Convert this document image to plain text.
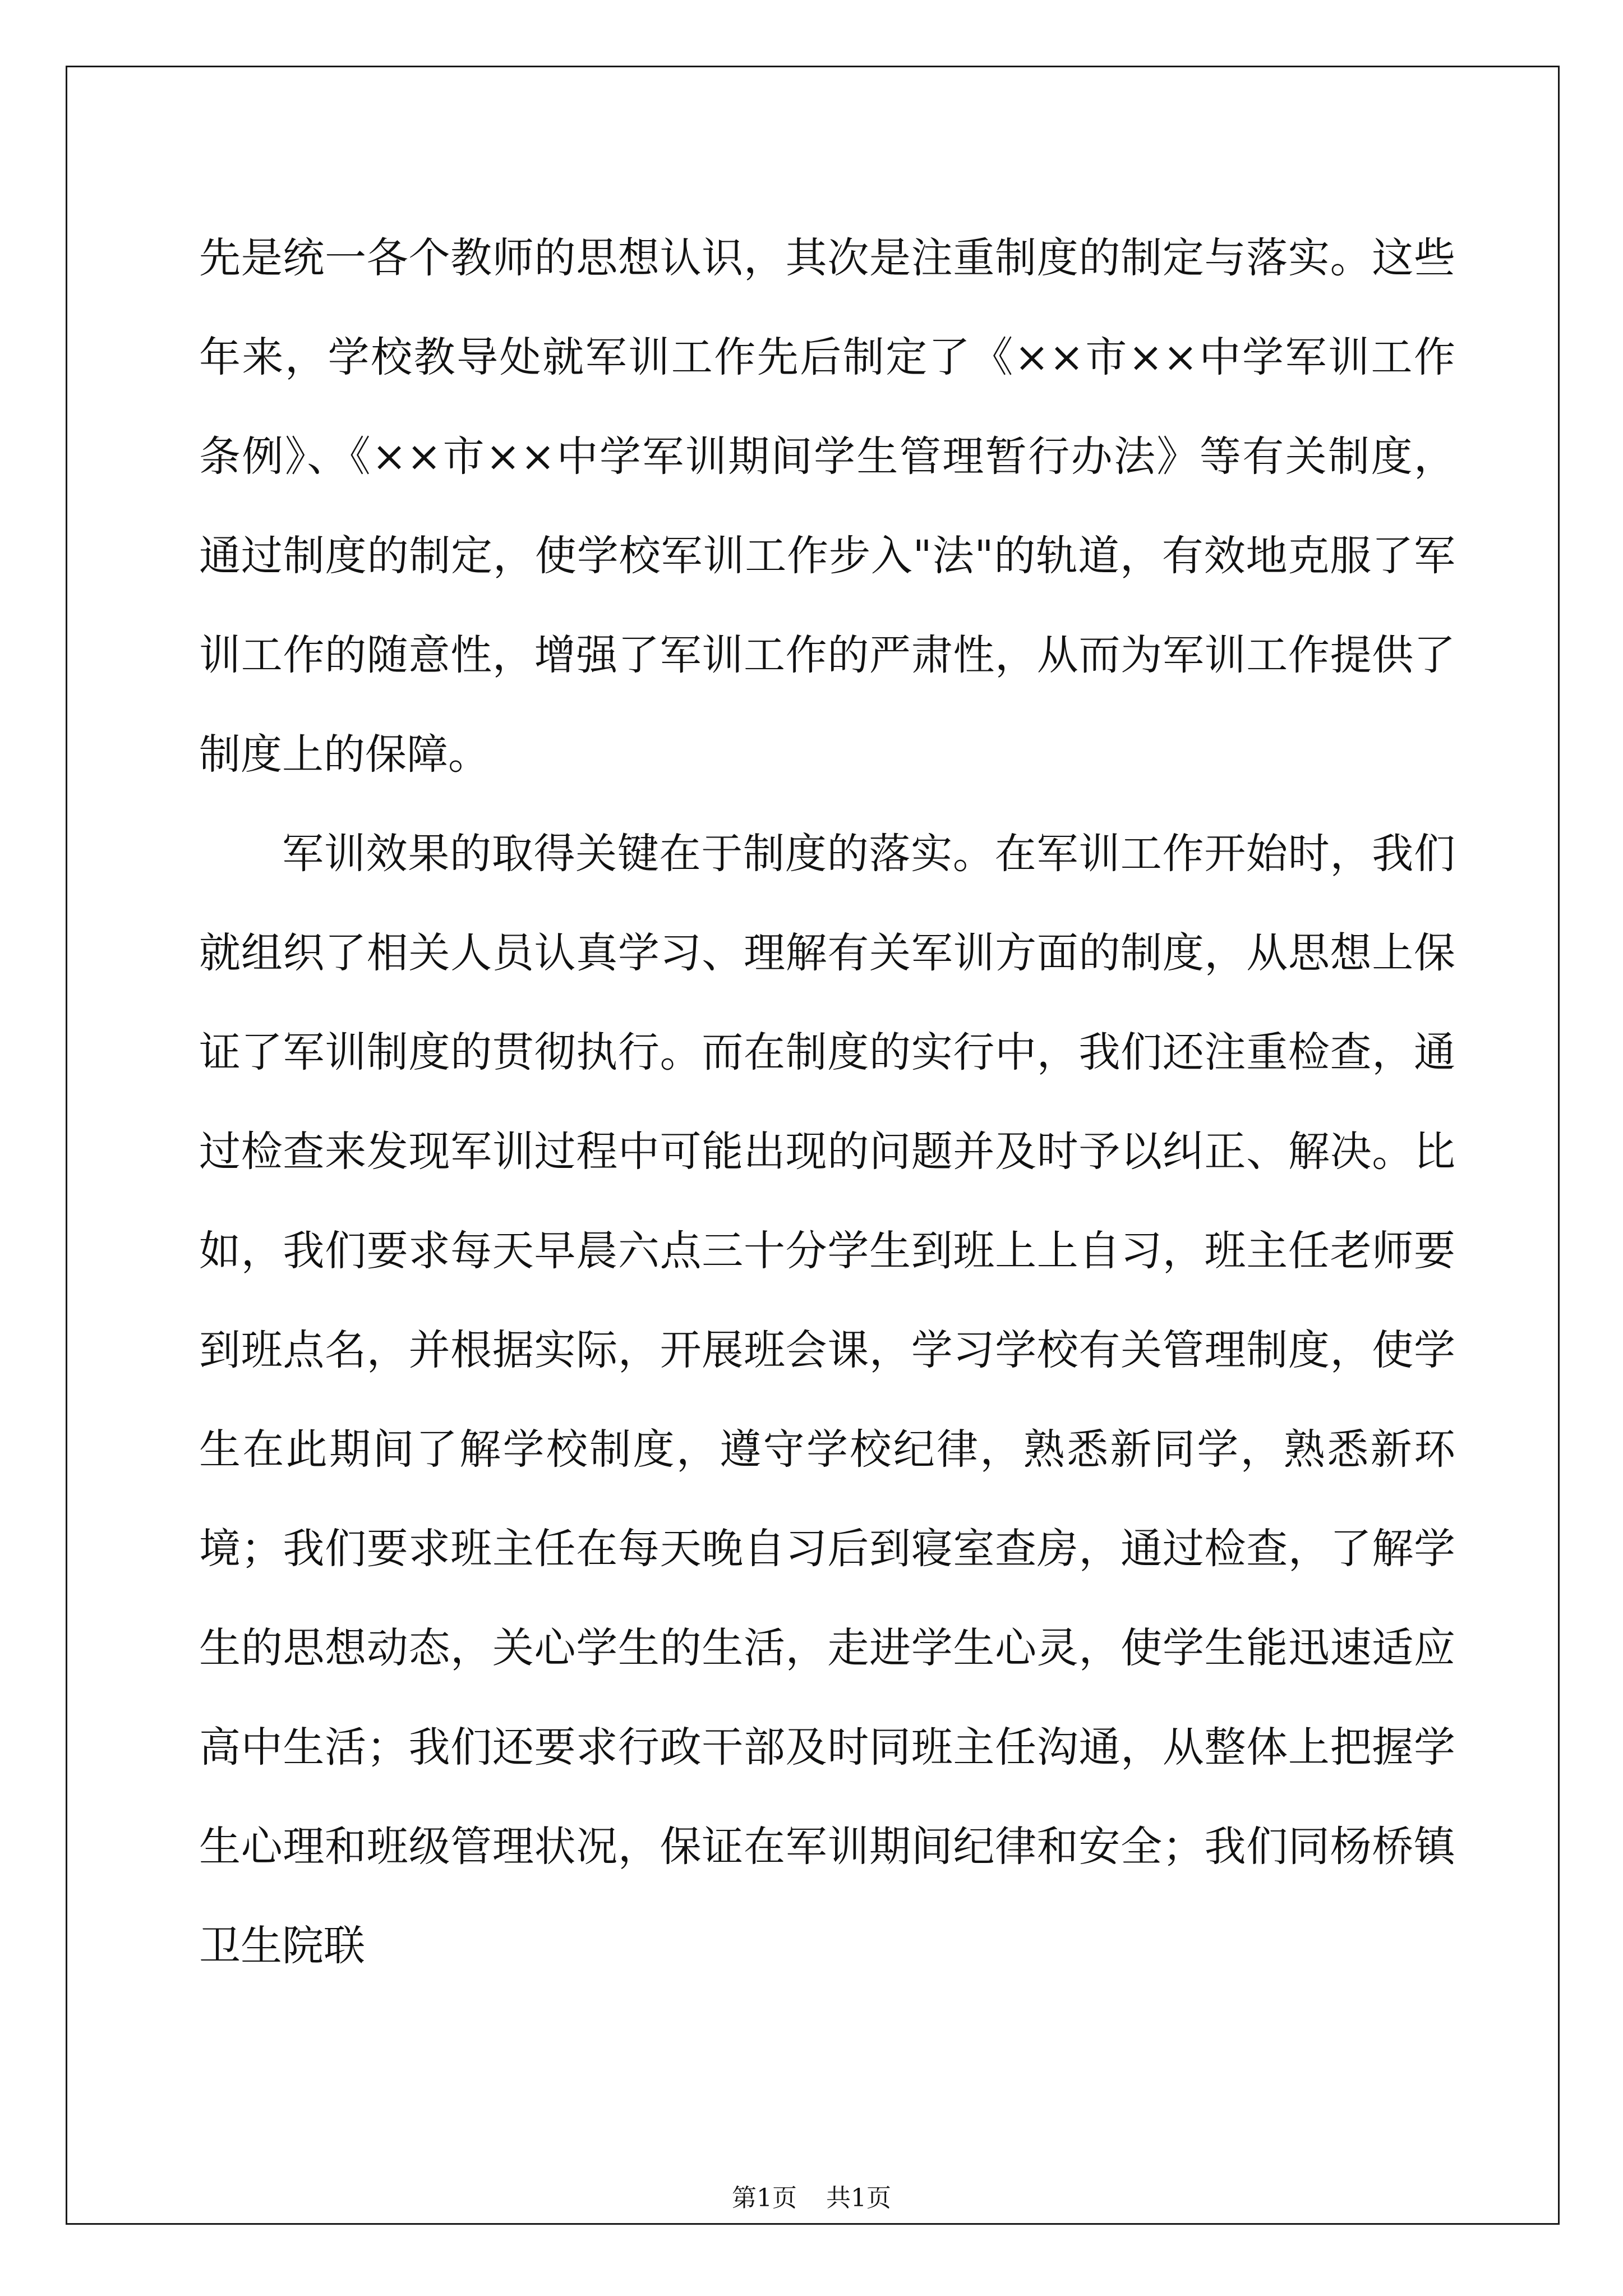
先是统一各个教师的思想认识，其次是注重制度的制定与落实。这些年来，学校教导处就军训工作先后制定了《××市××中学军训工作条例》、《××市××中学军训期间学生管理暂行办法》等有关制度，通过制度的制定，使学校军训工作步入"法"的轨道，有效地克服了军训工作的随意性，增强了军训工作的严肃性，从而为军训工作提供了制度上的保障。

军训效果的取得关键在于制度的落实。在军训工作开始时，我们就组织了相关人员认真学习、理解有关军训方面的制度，从思想上保证了军训制度的贯彻执行。而在制度的实行中，我们还注重检查，通过检查来发现军训过程中可能出现的问题并及时予以纠正、解决。比如，我们要求每天早晨六点三十分学生到班上上自习，班主任老师要到班点名，并根据实际，开展班会课，学习学校有关管理制度，使学生在此期间了解学校制度，遵守学校纪律，熟悉新同学，熟悉新环境；我们要求班主任在每天晚自习后到寝室查房，通过检查，了解学生的思想动态，关心学生的生活，走进学生心灵，使学生能迅速适应高中生活；我们还要求行政干部及时同班主任沟通，从整体上把握学生心理和班级管理状况，保证在军训期间纪律和安全；我们同杨桥镇卫生院联

第1页 共1页
